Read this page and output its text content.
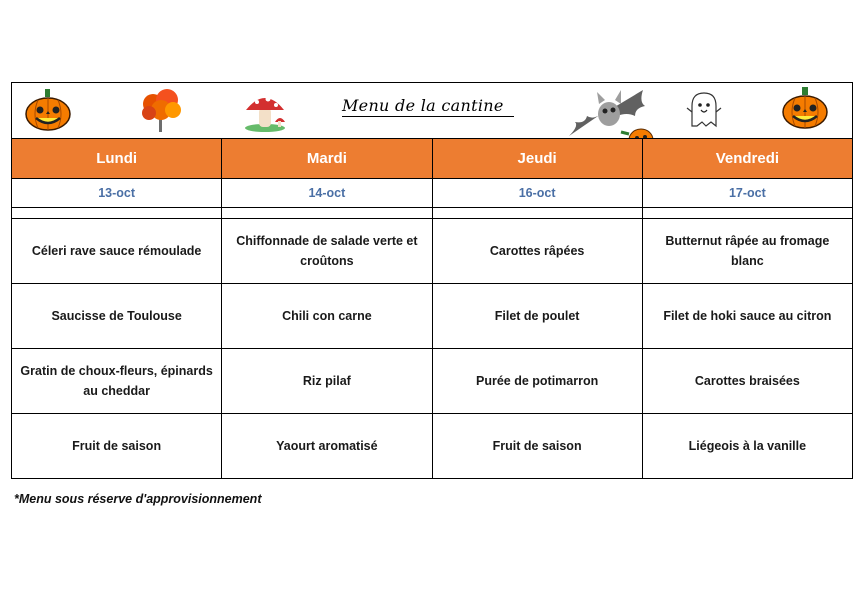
Menu de la cantine
Lundi	Mardi	Jeudi	Vendredi
13-oct	14-oct	16-oct	17-oct

Céleri rave sauce rémoulade	Chiffonnade de salade verte et croûtons	Carottes râpées	Butternut râpée au fromage blanc
Saucisse de Toulouse	Chili con carne	Filet de poulet	Filet de hoki sauce au citron
Gratin de choux-fleurs, épinards au cheddar	Riz pilaf	Purée de potimarron	Carottes braisées
Fruit de saison	Yaourt aromatisé	Fruit de saison	Liégeois à la vanille
*Menu sous réserve d'approvisionnement
